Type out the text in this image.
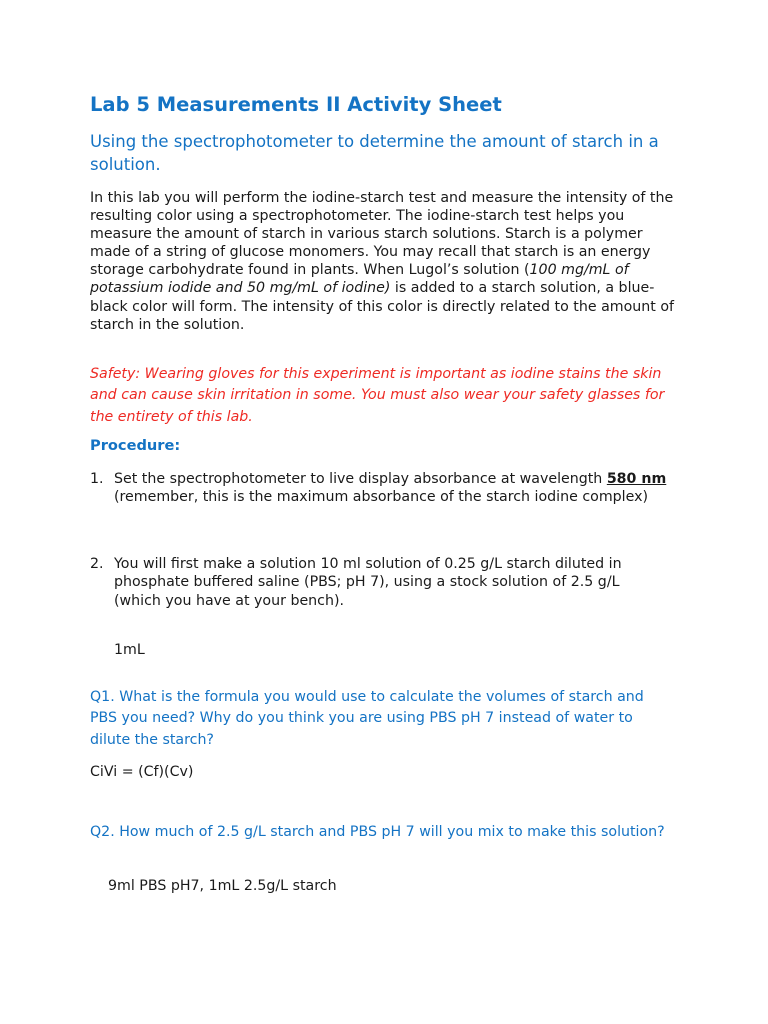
Lab 5 Measurements II Activity Sheet
Using the spectrophotometer to determine the amount of starch in a solution.
In this lab you will perform the iodine-starch test and measure the intensity of the resulting color using a spectrophotometer. The iodine-starch test helps you measure the amount of starch in various starch solutions. Starch is a polymer made of a string of glucose monomers. You may recall that starch is an energy storage carbohydrate found in plants. When Lugol’s solution (100 mg/mL of potassium iodide and 50 mg/mL of iodine) is added to a starch solution, a blue-black color will form. The intensity of this color is directly related to the amount of starch in the solution.
Safety: Wearing gloves for this experiment is important as iodine stains the skin and can cause skin irritation in some. You must also wear your safety glasses for the entirety of this lab.
Procedure:
1. Set the spectrophotometer to live display absorbance at wavelength 580 nm (remember, this is the maximum absorbance of the starch iodine complex)
2. You will first make a solution 10 ml solution of 0.25 g/L starch diluted in phosphate buffered saline (PBS; pH 7), using a stock solution of 2.5 g/L (which you have at your bench).
1mL
Q1. What is the formula you would use to calculate the volumes of starch and PBS you need? Why do you think you are using PBS pH 7 instead of water to dilute the starch?
CiVi = (Cf)(Cv)
Q2. How much of 2.5 g/L starch and PBS pH 7 will you mix to make this solution?
9ml PBS pH7, 1mL 2.5g/L starch
